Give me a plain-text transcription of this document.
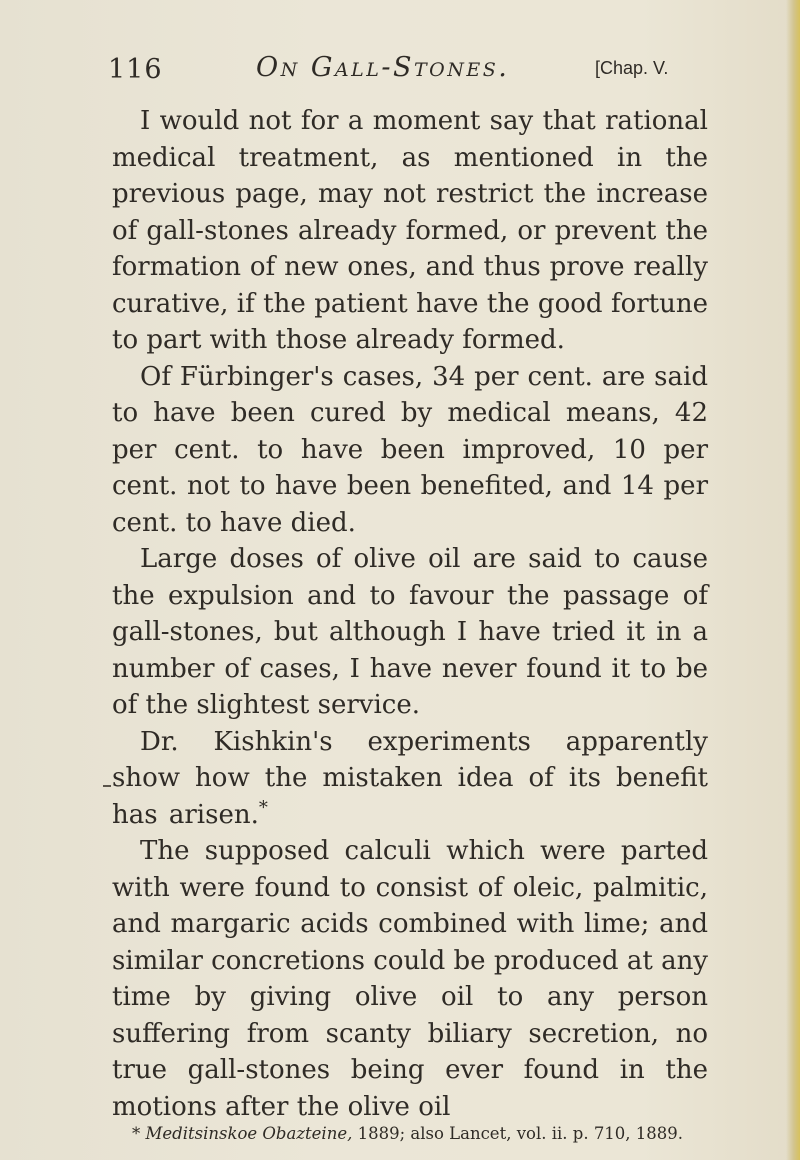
116	On Gall-Stones.	[Chap. V.

I would not for a moment say that rational medical treatment, as mentioned in the previous page, may not restrict the increase of gall-stones already formed, or prevent the formation of new ones, and thus prove really curative, if the patient have the good fortune to part with those already formed.

Of Fürbinger's cases, 34 per cent. are said to have been cured by medical means, 42 per cent. to have been improved, 10 per cent. not to have been benefited, and 14 per cent. to have died.

Large doses of olive oil are said to cause the expulsion and to favour the passage of gall-stones, but although I have tried it in a number of cases, I have never found it to be of the slightest service.

Dr. Kishkin's experiments apparently show how the mistaken idea of its benefit has arisen.*

The supposed calculi which were parted with were found to consist of oleic, palmitic, and margaric acids combined with lime; and similar concretions could be produced at any time by giving olive oil to any person suffering from scanty biliary secretion, no true gall-stones being ever found in the motions after the olive oil

* Meditsinskoe Obazteine, 1889; also Lancet, vol. ii. p. 710, 1889.
